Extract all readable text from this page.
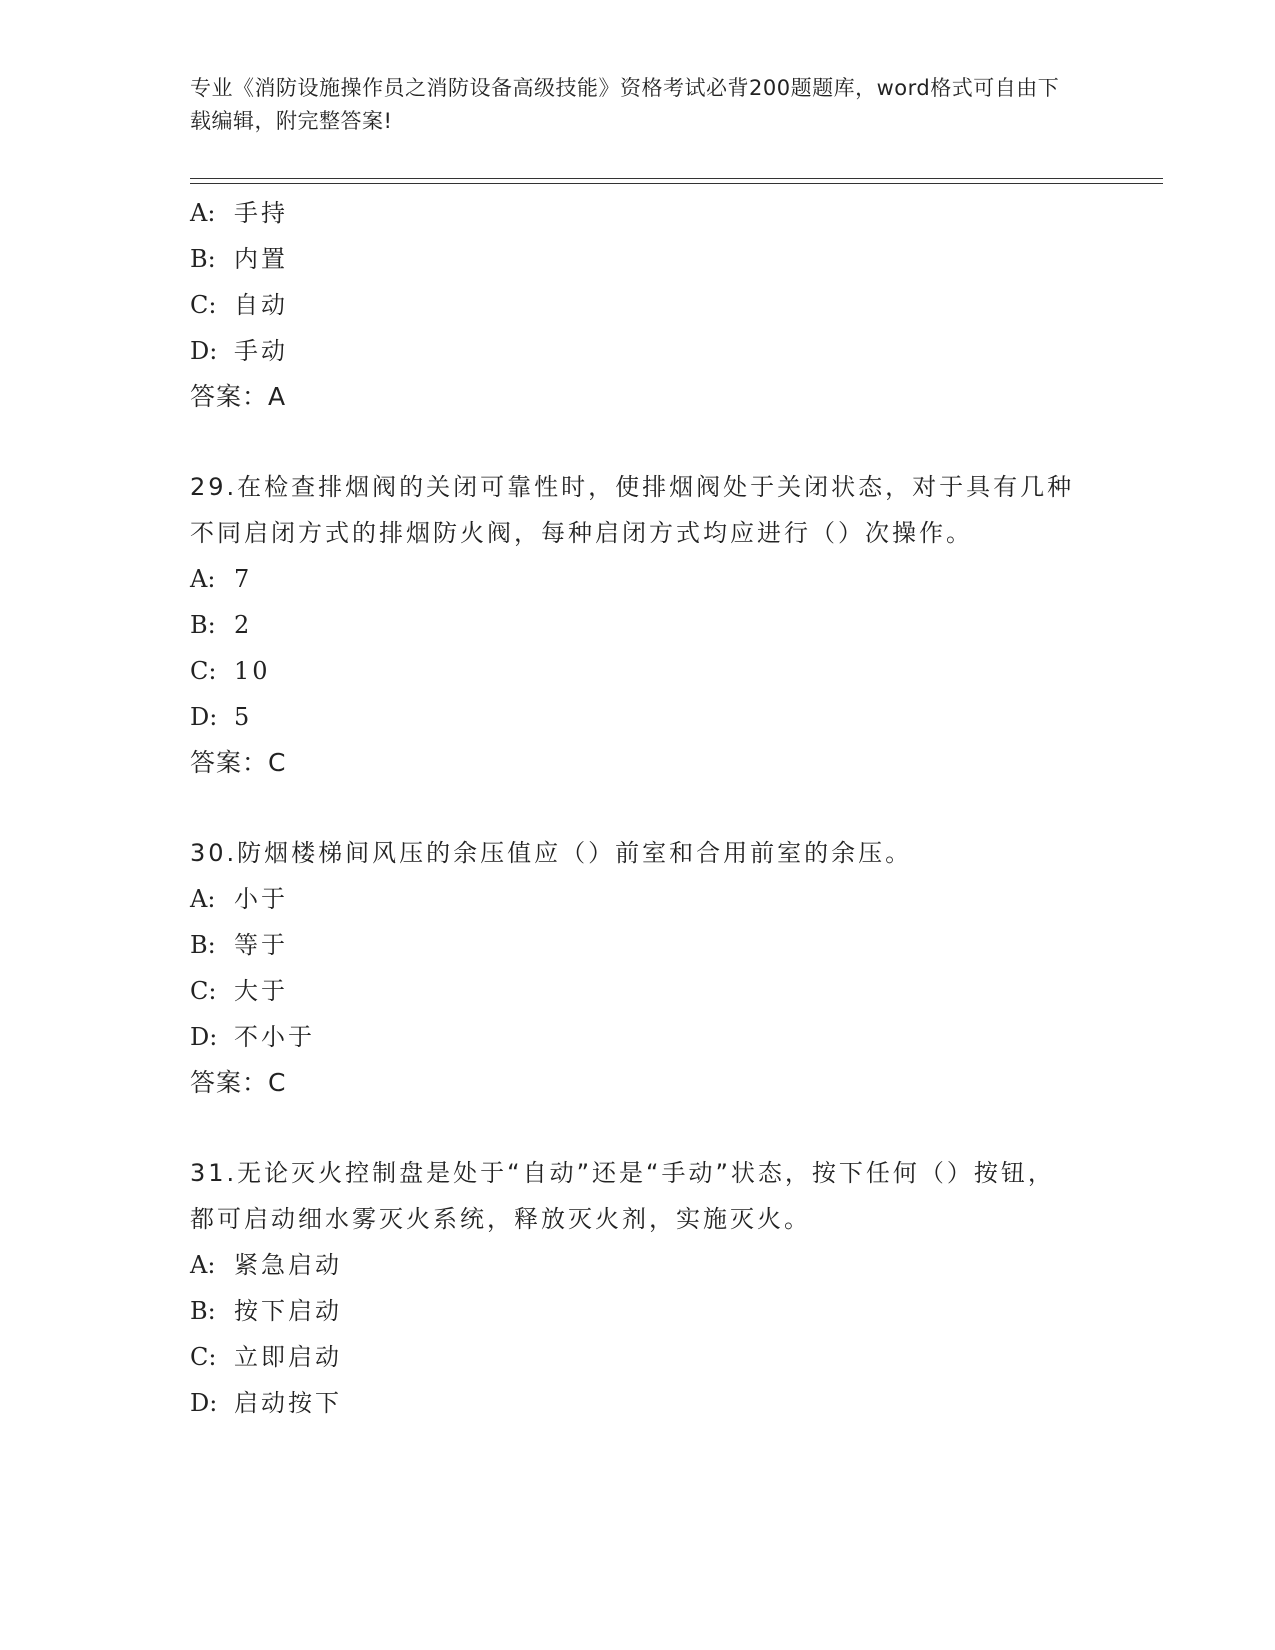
专业《消防设施操作员之消防设备高级技能》资格考试必背200题题库，word格式可自由下载编辑，附完整答案!
A: 手持
B: 内置
C: 自动
D: 手动
答案：A
29.在检查排烟阀的关闭可靠性时，使排烟阀处于关闭状态，对于具有几种不同启闭方式的排烟防火阀，每种启闭方式均应进行（）次操作。
A: 7
B: 2
C: 10
D: 5
答案：C
30.防烟楼梯间风压的余压值应（）前室和合用前室的余压。
A: 小于
B: 等于
C: 大于
D: 不小于
答案：C
31.无论灭火控制盘是处于“自动”还是“手动”状态，按下任何（）按钮，都可启动细水雾灭火系统，释放灭火剂，实施灭火。
A: 紧急启动
B: 按下启动
C: 立即启动
D: 启动按下
